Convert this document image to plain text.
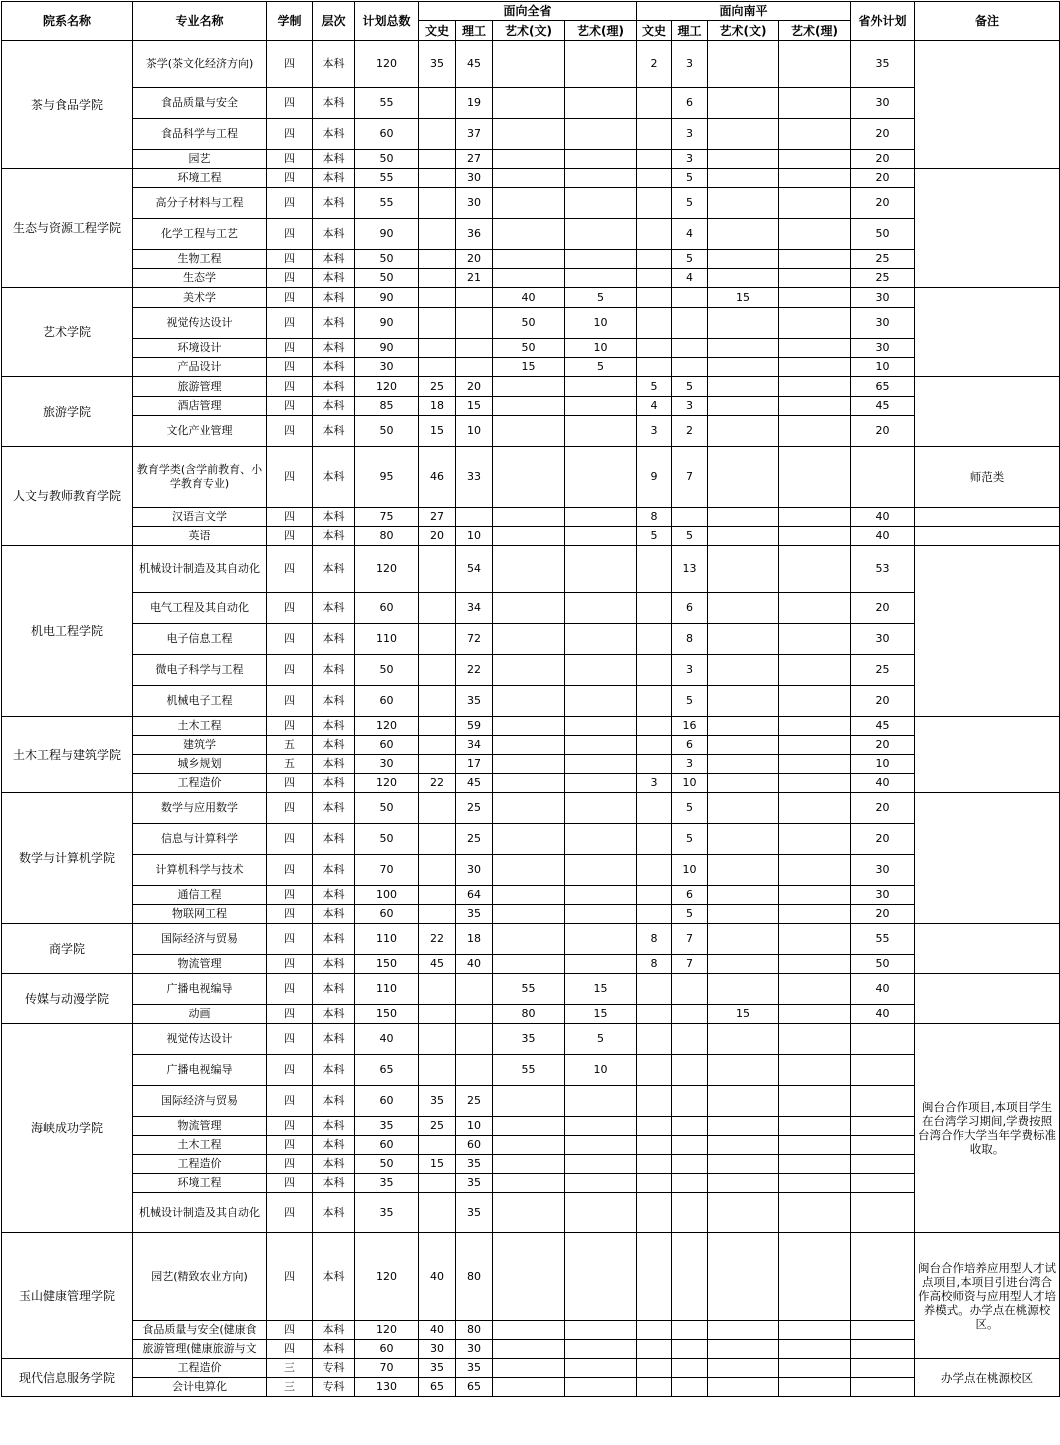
院系名称	专业名称	学制	层次	计划总数	面向全省				面向南平				省外计划	备注
					文史	理工	艺术(文)	艺术(理)	文史	理工	艺术(文)	艺术(理)		
茶与食品学院	茶学(茶文化经济方向)	四	本科	120	35	45			2	3			35	
	食品质量与安全	四	本科	55		19				6			30	
	食品科学与工程	四	本科	60		37				3			20	
	园艺	四	本科	50		27				3			20	
生态与资源工程学院	环境工程	四	本科	55		30				5			20	
	高分子材料与工程	四	本科	55		30				5			20	
	化学工程与工艺	四	本科	90		36				4			50	
	生物工程	四	本科	50		20				5			25	
	生态学	四	本科	50		21				4			25	
艺术学院	美术学	四	本科	90			40	5			15		30	
	视觉传达设计	四	本科	90			50	10					30	
	环境设计	四	本科	90			50	10					30	
	产品设计	四	本科	30			15	5					10	
旅游学院	旅游管理	四	本科	120	25	20			5	5			65	
	酒店管理	四	本科	85	18	15			4	3			45	
	文化产业管理	四	本科	50	15	10			3	2			20	
人文与教师教育学院	教育学类(含学前教育、小学教育专业)	四	本科	95	46	33			9	7				师范类
	汉语言文学	四	本科	75	27				8				40	
	英语	四	本科	80	20	10			5	5			40	
机电工程学院	机械设计制造及其自动化	四	本科	120		54				13			53	
	电气工程及其自动化	四	本科	60		34				6			20	
	电子信息工程	四	本科	110		72				8			30	
	微电子科学与工程	四	本科	50		22				3			25	
	机械电子工程	四	本科	60		35				5			20	
土木工程与建筑学院	土木工程	四	本科	120		59				16			45	
	建筑学	五	本科	60		34				6			20	
	城乡规划	五	本科	30		17				3			10	
	工程造价	四	本科	120	22	45			3	10			40	
数学与计算机学院	数学与应用数学	四	本科	50		25				5			20	
	信息与计算科学	四	本科	50		25				5			20	
	计算机科学与技术	四	本科	70		30				10			30	
	通信工程	四	本科	100		64				6			30	
	物联网工程	四	本科	60		35				5			20	
商学院	国际经济与贸易	四	本科	110	22	18			8	7			55	
	物流管理	四	本科	150	45	40			8	7			50	
传媒与动漫学院	广播电视编导	四	本科	110			55	15					40	
	动画	四	本科	150			80	15			15		40	
海峡成功学院	视觉传达设计	四	本科	40			35	5						闽台合作项目,本项目学生在台湾学习期间,学费按照台湾合作大学当年学费标准收取。
	广播电视编导	四	本科	65			55	10						
	国际经济与贸易	四	本科	60	35	25								
	物流管理	四	本科	35	25	10								
	土木工程	四	本科	60		60								
	工程造价	四	本科	50	15	35								
	环境工程	四	本科	35		35								
	机械设计制造及其自动化	四	本科	35		35								
玉山健康管理学院	园艺(精致农业方向)	四	本科	120	40	80								闽台合作培养应用型人才试点项目,本项目引进台湾合作高校师资与应用型人才培养模式。办学点在桃源校区。
	食品质量与安全(健康食	四	本科	120	40	80								
	旅游管理(健康旅游与文	四	本科	60	30	30								
现代信息服务学院	工程造价	三	专科	70	35	35								办学点在桃源校区
	会计电算化	三	专科	130	65	65								
